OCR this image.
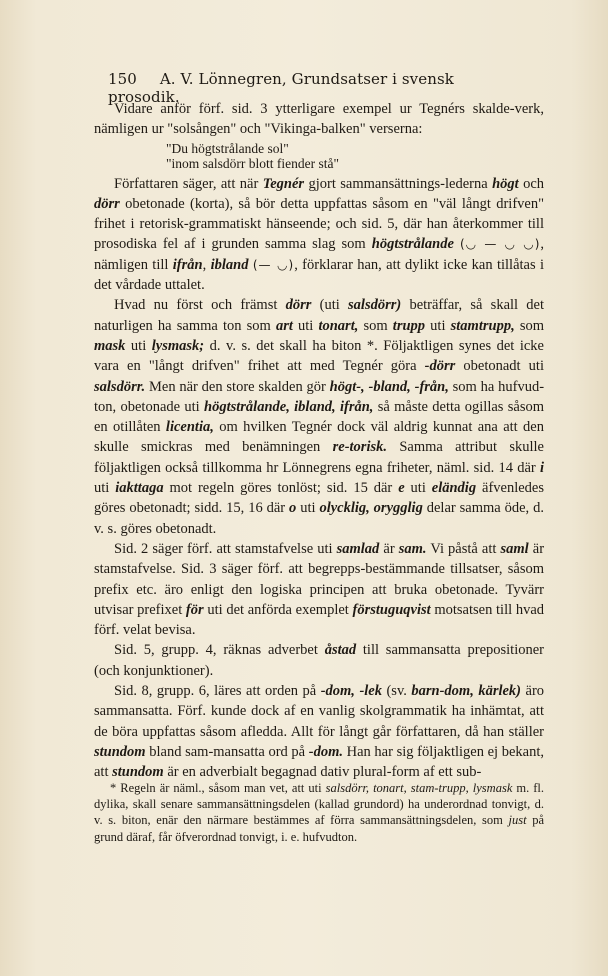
150 A. V. Lönnegren, Grundsatser i svensk prosodik.

Vidare anför förf. sid. 3 ytterligare exempel ur Tegnérs skalde-verk, nämligen ur "solsången" och "Vikinga-balken" verserna:

"Du högtstrålande sol"
"inom salsdörr blott fiender stå"

Författaren säger, att när Tegnér gjort sammansättnings-lederna högt och dörr obetonade (korta), så bör detta uppfattas såsom en "väl långt drifven" frihet i retorisk-grammatiskt hänseende; och sid. 5, där han återkommer till prosodiska fel af i grunden samma slag som högtstrålande (◡ — ◡ ◡), nämligen till ifrån, ibland (— ◡), förklarar han, att dylikt icke kan tillåtas i det vårdade uttalet.

Hvad nu först och främst dörr (uti salsdörr) beträffar, så skall det naturligen ha samma ton som art uti tonart, som trupp uti stamtrupp, som mask uti lysmask; d. v. s. det skall ha biton *. Följaktligen synes det icke vara en "långt drifven" frihet att med Tegnér göra -dörr obetonadt uti salsdörr. Men när den store skalden gör högt-, -bland, -från, som ha hufvud-ton, obetonade uti högtstrålande, ibland, ifrån, så måste detta ogillas såsom en otillåten licentia, om hvilken Tegnér dock väl aldrig kunnat ana att den skulle smickras med benämningen re-torisk. Samma attribut skulle följaktligen också tillkomma hr Lönnegrens egna friheter, näml. sid. 14 där i uti iakttaga mot regeln göres tonlöst; sid. 15 där e uti eländig äfvenledes göres obetonadt; sidd. 15, 16 där o uti olycklig, orygglig delar samma öde, d. v. s. göres obetonadt.

Sid. 2 säger förf. att stamstafvelse uti samlad är sam. Vi påstå att saml är stamstafvelse. Sid. 3 säger förf. att begrepps-bestämmande tillsatser, såsom prefix etc. äro enligt den logiska principen att bruka obetonade. Tyvärr utvisar prefixet för uti det anförda exemplet förstuguqvist motsatsen till hvad förf. velat bevisa.

Sid. 5, grupp. 4, räknas adverbet åstad till sammansatta prepositioner (och konjunktioner).

Sid. 8, grupp. 6, läres att orden på -dom, -lek (sv. barn-dom, kärlek) äro sammansatta. Förf. kunde dock af en vanlig skolgrammatik ha inhämtat, att de böra uppfattas såsom afledda. Allt för långt går författaren, då han ställer stundom bland sam-mansatta ord på -dom. Han har sig följaktligen ej bekant, att stundom är en adverbialt begagnad dativ plural-form af ett sub-

* Regeln är näml., såsom man vet, att uti salsdörr, tonart, stam-trupp, lysmask m. fl. dylika, skall senare sammansättningsdelen (kallad grundord) ha underordnad tonvigt, d. v. s. biton, enär den närmare bestämmes af förra sammansättningsdelen, som just på grund däraf, får öfverordnad tonvigt, i. e. hufvudton.
